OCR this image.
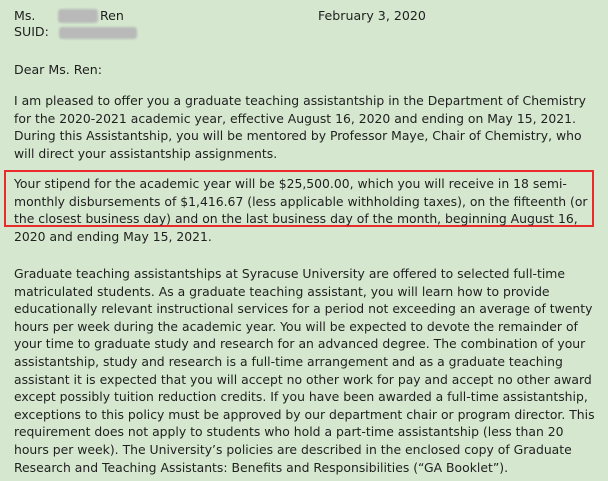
Ms.	Ren
SUID:
February 3, 2020
Dear Ms. Ren:

I am pleased to offer you a graduate teaching assistantship in the Department of Chemistry for the 2020-2021 academic year, effective August 16, 2020 and ending on May 15, 2021. During this Assistantship, you will be mentored by Professor Maye, Chair of Chemistry, who will direct your assistantship assignments.

Your stipend for the academic year will be $25,500.00, which you will receive in 18 semi-monthly disbursements of $1,416.67 (less applicable withholding taxes), on the fifteenth (or the closest business day) and on the last business day of the month, beginning August 16, 2020 and ending May 15, 2021.

Graduate teaching assistantships at Syracuse University are offered to selected full-time matriculated students. As a graduate teaching assistant, you will learn how to provide educationally relevant instructional services for a period not exceeding an average of twenty hours per week during the academic year. You will be expected to devote the remainder of your time to graduate study and research for an advanced degree. The combination of your assistantship, study and research is a full-time arrangement and as a graduate teaching assistant it is expected that you will accept no other work for pay and accept no other award except possibly tuition reduction credits. If you have been awarded a full-time assistantship, exceptions to this policy must be approved by our department chair or program director. This requirement does not apply to students who hold a part-time assistantship (less than 20 hours per week). The University’s policies are described in the enclosed copy of Graduate Research and Teaching Assistants: Benefits and Responsibilities (“GA Booklet”).
